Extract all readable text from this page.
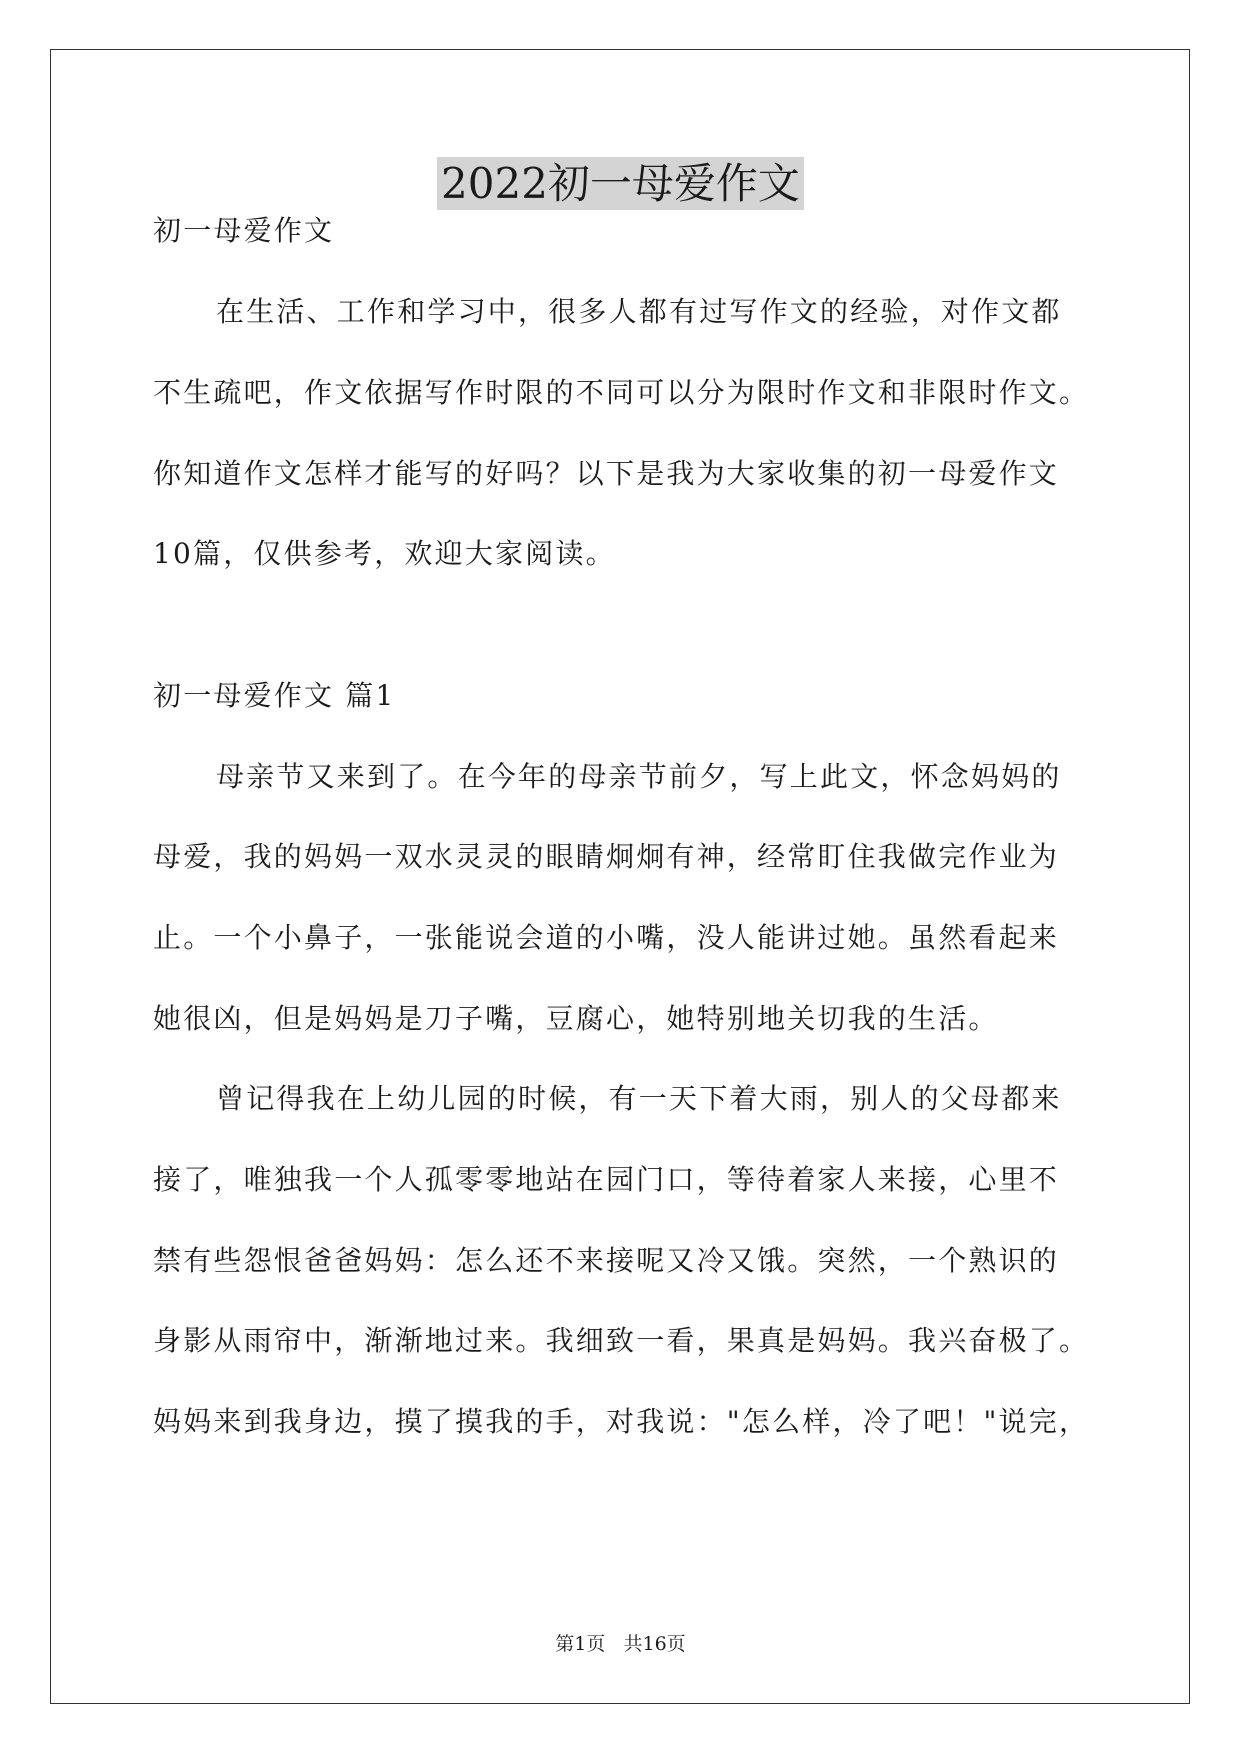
2022初一母爱作文
初一母爱作文
在生活、工作和学习中，很多人都有过写作文的经验，对作文都
不生疏吧，作文依据写作时限的不同可以分为限时作文和非限时作文。
你知道作文怎样才能写的好吗？以下是我为大家收集的初一母爱作文
10篇，仅供参考，欢迎大家阅读。
初一母爱作文 篇1
母亲节又来到了。在今年的母亲节前夕，写上此文，怀念妈妈的
母爱，我的妈妈一双水灵灵的眼睛炯炯有神，经常盯住我做完作业为
止。一个小鼻子，一张能说会道的小嘴，没人能讲过她。虽然看起来
她很凶，但是妈妈是刀子嘴，豆腐心，她特别地关切我的生活。
曾记得我在上幼儿园的时候，有一天下着大雨，别人的父母都来
接了，唯独我一个人孤零零地站在园门口，等待着家人来接，心里不
禁有些怨恨爸爸妈妈：怎么还不来接呢又冷又饿。突然，一个熟识的
身影从雨帘中，渐渐地过来。我细致一看，果真是妈妈。我兴奋极了。
妈妈来到我身边，摸了摸我的手，对我说："怎么样，冷了吧！"说完，
第1页   共16页
